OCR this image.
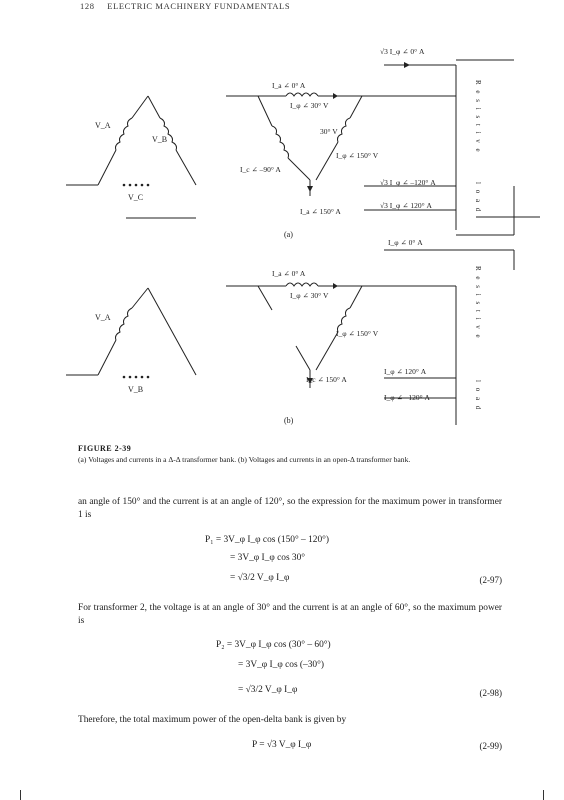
128 ELECTRIC MACHINERY FUNDAMENTALS
V_A
V_B
V_C
I_a ∠ 0° A
I_φ ∠ 30° V
30° V
I_φ ∠ 150° V
I_c ∠ –90° A
I_a ∠ 150° A
√3 I_φ ∠ 0° A
√3 I_φ ∠ –120° A
√3 I_φ ∠ 120° A
I_φ ∠ 0° A
R e s i s t i v e
l o a d
V_A
V_B
I_a ∠ 0° A
I_φ ∠ 30° V
I_φ ∠ 150° V
I_c ∠ 150° A
I_φ ∠ 120° A
I_φ ∠ –120° A
R e s i s t i v e
l o a d
(a)
(b)
FIGURE 2-39
(a) Voltages and currents in a Δ-Δ transformer bank. (b) Voltages and currents in an open-Δ transformer bank.
an angle of 150° and the current is at an angle of 120°, so the expression for the maximum power in transformer 1 is
P₁ = 3V_φ I_φ cos (150° – 120°)
= 3V_φ I_φ cos 30°
= √3/2 V_φ I_φ	(2-97)
For transformer 2, the voltage is at an angle of 30° and the current is at an angle of 60°, so the maximum power is
P₂ = 3V_φ I_φ cos (30° – 60°)
= 3V_φ I_φ cos (–30°)
= √3/2 V_φ I_φ	(2-98)
Therefore, the total maximum power of the open-delta bank is given by
P = √3 V_φ I_φ	(2-99)
